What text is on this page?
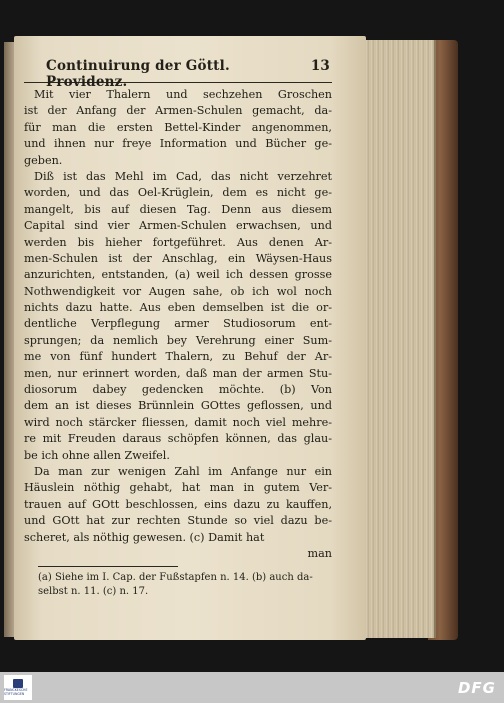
Continuirung der Göttl. Providenz.
13
Mit vier Thalern und sechzehen Groschen
ist der Anfang der Armen-Schulen gemacht, da-
für man die ersten Bettel-Kinder angenommen,
und ihnen nur freye Information und Bücher ge-
geben.
Diß ist das Mehl im Cad, das nicht verzehret
worden, und das Oel-Krüglein, dem es nicht ge-
mangelt, bis auf diesen Tag. Denn aus diesem
Capital sind vier Armen-Schulen erwachsen, und
werden bis hieher fortgeführet. Aus denen Ar-
men-Schulen ist der Anschlag, ein Wäysen-Haus
anzurichten, entstanden, (a) weil ich dessen grosse
Nothwendigkeit vor Augen sahe, ob ich wol noch
nichts dazu hatte. Aus eben demselben ist die or-
dentliche Verpflegung armer Studiosorum ent-
sprungen; da nemlich bey Verehrung einer Sum-
me von fünf hundert Thalern, zu Behuf der Ar-
men, nur erinnert worden, daß man der armen Stu-
diosorum dabey gedencken möchte. (b) Von
dem an ist dieses Brünnlein GOttes geflossen, und
wird noch stärcker fliessen, damit noch viel mehre-
re mit Freuden daraus schöpfen können, das glau-
be ich ohne allen Zweifel.
Da man zur wenigen Zahl im Anfange nur ein
Häuslein nöthig gehabt, hat man in gutem Ver-
trauen auf GOtt beschlossen, eins dazu zu kauffen,
und GOtt hat zur rechten Stunde so viel dazu be-
scheret, als nöthig gewesen. (c) Damit hat
man
(a) Siehe im I. Cap. der Fußstapfen n. 14. (b) auch da-
selbst n. 11. (c) n. 17.
FRANCKESCHE STIFTUNGEN	DFG
